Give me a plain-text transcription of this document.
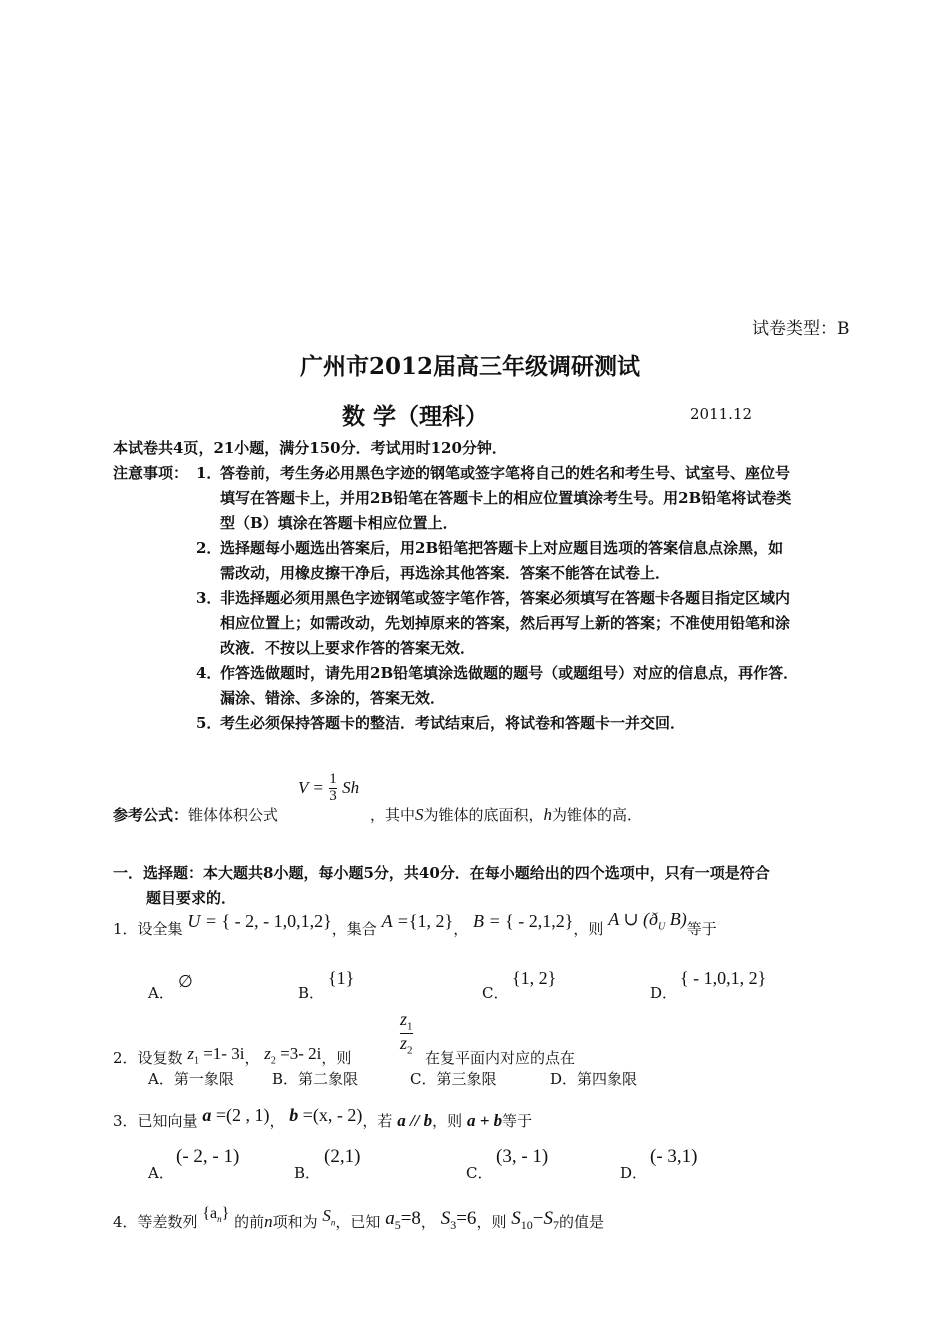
试卷类型：B
广州市2012届高三年级调研测试
数 学（理科）	2011.12
本试卷共4页，21小题，满分150分．考试用时120分钟．
注意事项： 1．
答卷前，考生务必用黑色字迹的钢笔或签字笔将自己的姓名和考生号、试室号、座位号
填写在答题卡上，并用2B铅笔在答题卡上的相应位置填涂考生号。用2B铅笔将试卷类
型（B）填涂在答题卡相应位置上．
2．
选择题每小题选出答案后，用2B铅笔把答题卡上对应题目选项的答案信息点涂黑，如
需改动，用橡皮擦干净后，再选涂其他答案．答案不能答在试卷上．
3．
非选择题必须用黑色字迹钢笔或签字笔作答，答案必须填写在答题卡各题目指定区域内
相应位置上；如需改动，先划掉原来的答案，然后再写上新的答案；不准使用铅笔和涂
改液．不按以上要求作答的答案无效．
4．
作答选做题时，请先用2B铅笔填涂选做题的题号（或题组号）对应的信息点，再作答．
漏涂、错涂、多涂的，答案无效．
5．
考生必须保持答题卡的整洁．考试结束后，将试卷和答题卡一并交回．
参考公式：锥体体积公式
$V = \frac{1}{3}$ Sh
，其中S为锥体的底面积，h为锥体的高．
一．选择题：本大题共8小题，每小题5分，共40分．在每小题给出的四个选项中，只有一项是符合
题目要求的．
1．设全集 U = { - 2, - 1,0,1,2}，集合 A ={1, 2}， B = { - 2,1,2}，则 A ∪ ($ð_U$ B)等于
A．
∅
B．
{1}
C．
{1, 2}
D．
{ - 1,0,1, 2}
2．设复数 $z_1 =1-$ 3i， $z_2 =3-$ 2i，则
$\frac{z_1}{z_2}$
在复平面内对应的点在
A．第一象限	B．第二象限	C．第三象限	D．第四象限
3．已知向量 a =(2 , 1)， b =(x, - 2)，若 a // b，则 a + b等于
A．
(- 2, - 1)
B．
(2,1)
C．
(3, - 1)
D．
(- 3,1)
4．等差数列 $\{a_n\}$ 的前n项和为 $S_n$，已知 $a_5=8$， $S_3=6$，则 $S_{10}-S_7$的值是
